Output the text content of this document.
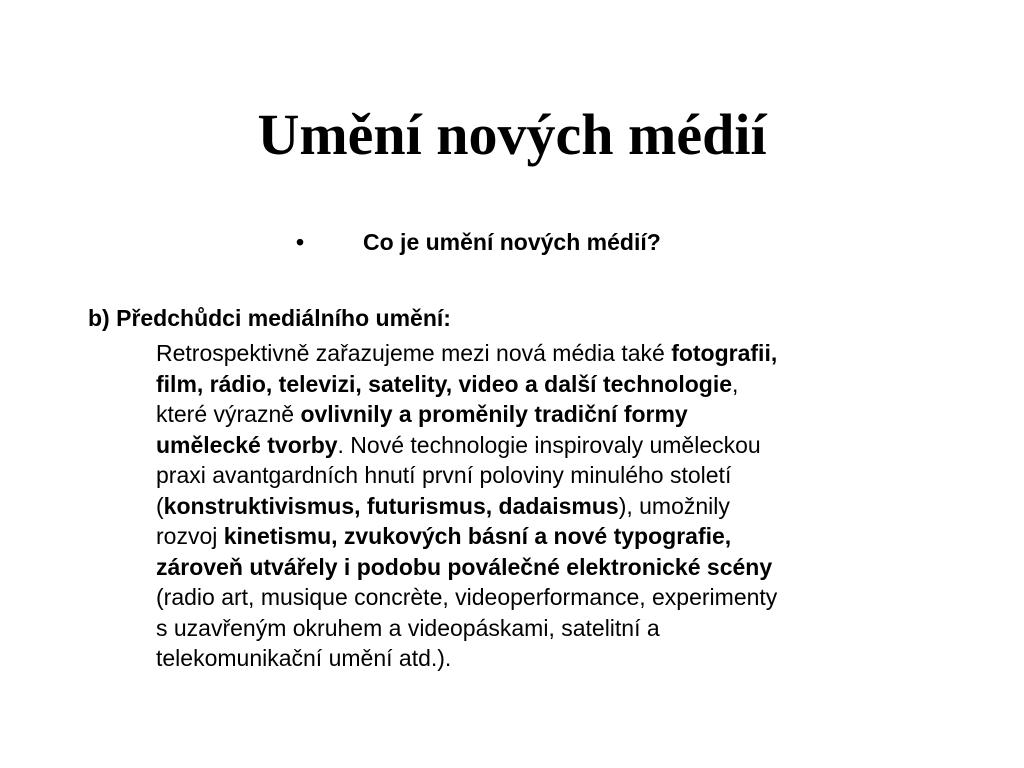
Umění nových médií
•	Co je umění nových médií?
b) Předchůdci mediálního umění:
Retrospektivně zařazujeme mezi nová média také fotografii,
film, rádio, televizi, satelity, video a další technologie,
které výrazně ovlivnily a proměnily tradiční formy
umělecké tvorby. Nové technologie inspirovaly uměleckou
praxi avantgardních hnutí první poloviny minulého století
(konstruktivismus, futurismus, dadaismus), umožnily
rozvoj kinetismu, zvukových básní a nové typografie,
zároveň utvářely i podobu poválečné elektronické scény
(radio art, musique concrète, videoperformance, experimenty
s uzavřeným okruhem a videopáskami, satelitní a
telekomunikační umění atd.).
